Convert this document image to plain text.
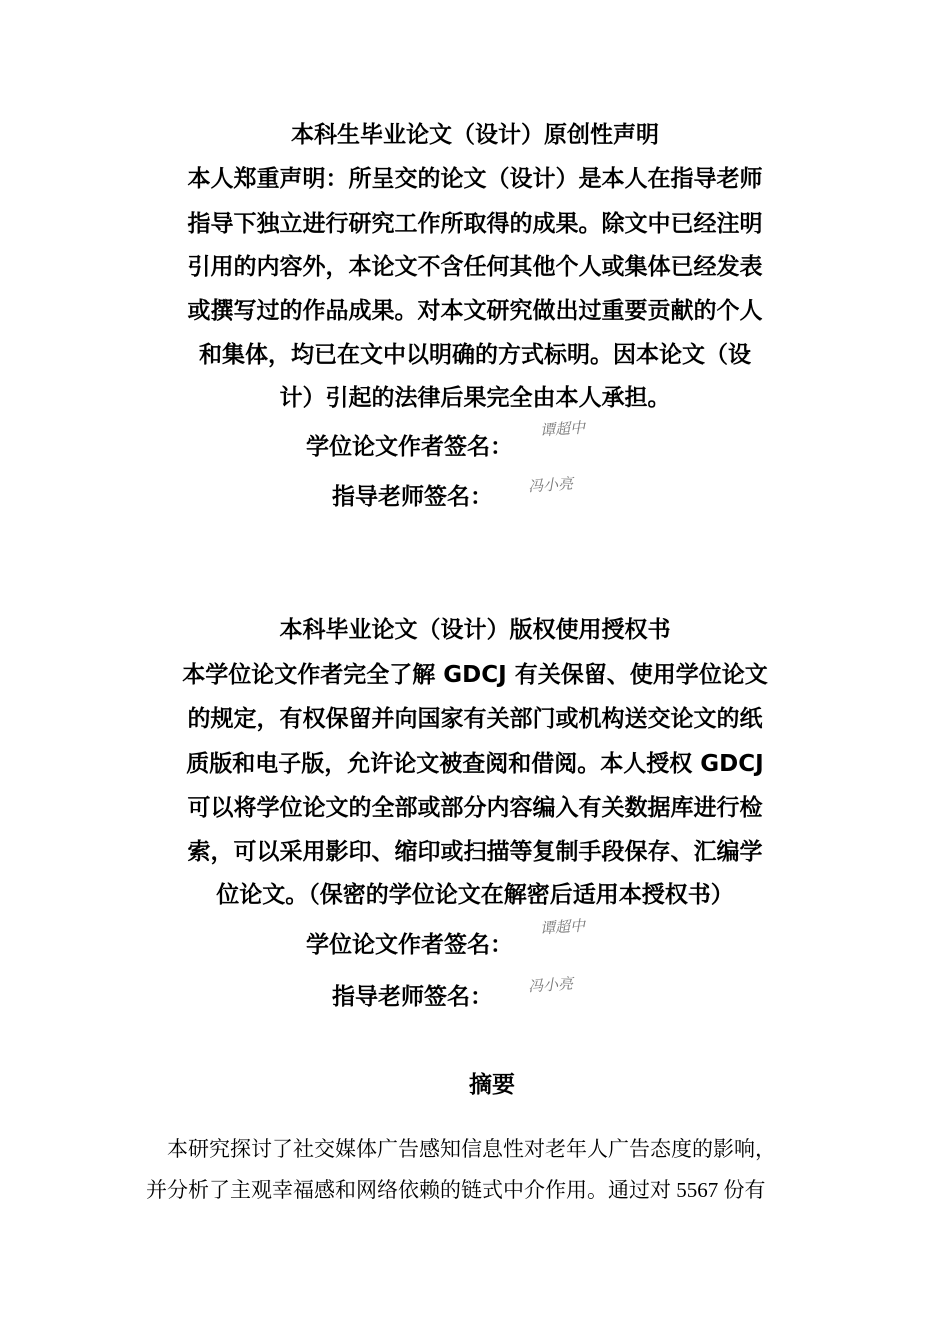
本科生毕业论文（设计）原创性声明
本人郑重声明：所呈交的论文（设计）是本人在指导老师
指导下独立进行研究工作所取得的成果。除文中已经注明
引用的内容外，本论文不含任何其他个人或集体已经发表
或撰写过的作品成果。对本文研究做出过重要贡献的个人
和集体，均已在文中以明确的方式标明。因本论文（设
计）引起的法律后果完全由本人承担。
学位论文作者签名：
谭超中
指导老师签名： 冯小亮
本科毕业论文（设计）版权使用授权书
本学位论文作者完全了解 GDCJ 有关保留、使用学位论文
的规定，有权保留并向国家有关部门或机构送交论文的纸
质版和电子版，允许论文被查阅和借阅。本人授权 GDCJ
可以将学位论文的全部或部分内容编入有关数据库进行检
索，可以采用影印、缩印或扫描等复制手段保存、汇编学
位论文。（保密的学位论文在解密后适用本授权书）
学位论文作者签名：
谭超中
指导老师签名： 冯小亮
摘要
　本研究探讨了社交媒体广告感知信息性对老年人广告态度的影响，
并分析了主观幸福感和网络依赖的链式中介作用。通过对 5567 份有
